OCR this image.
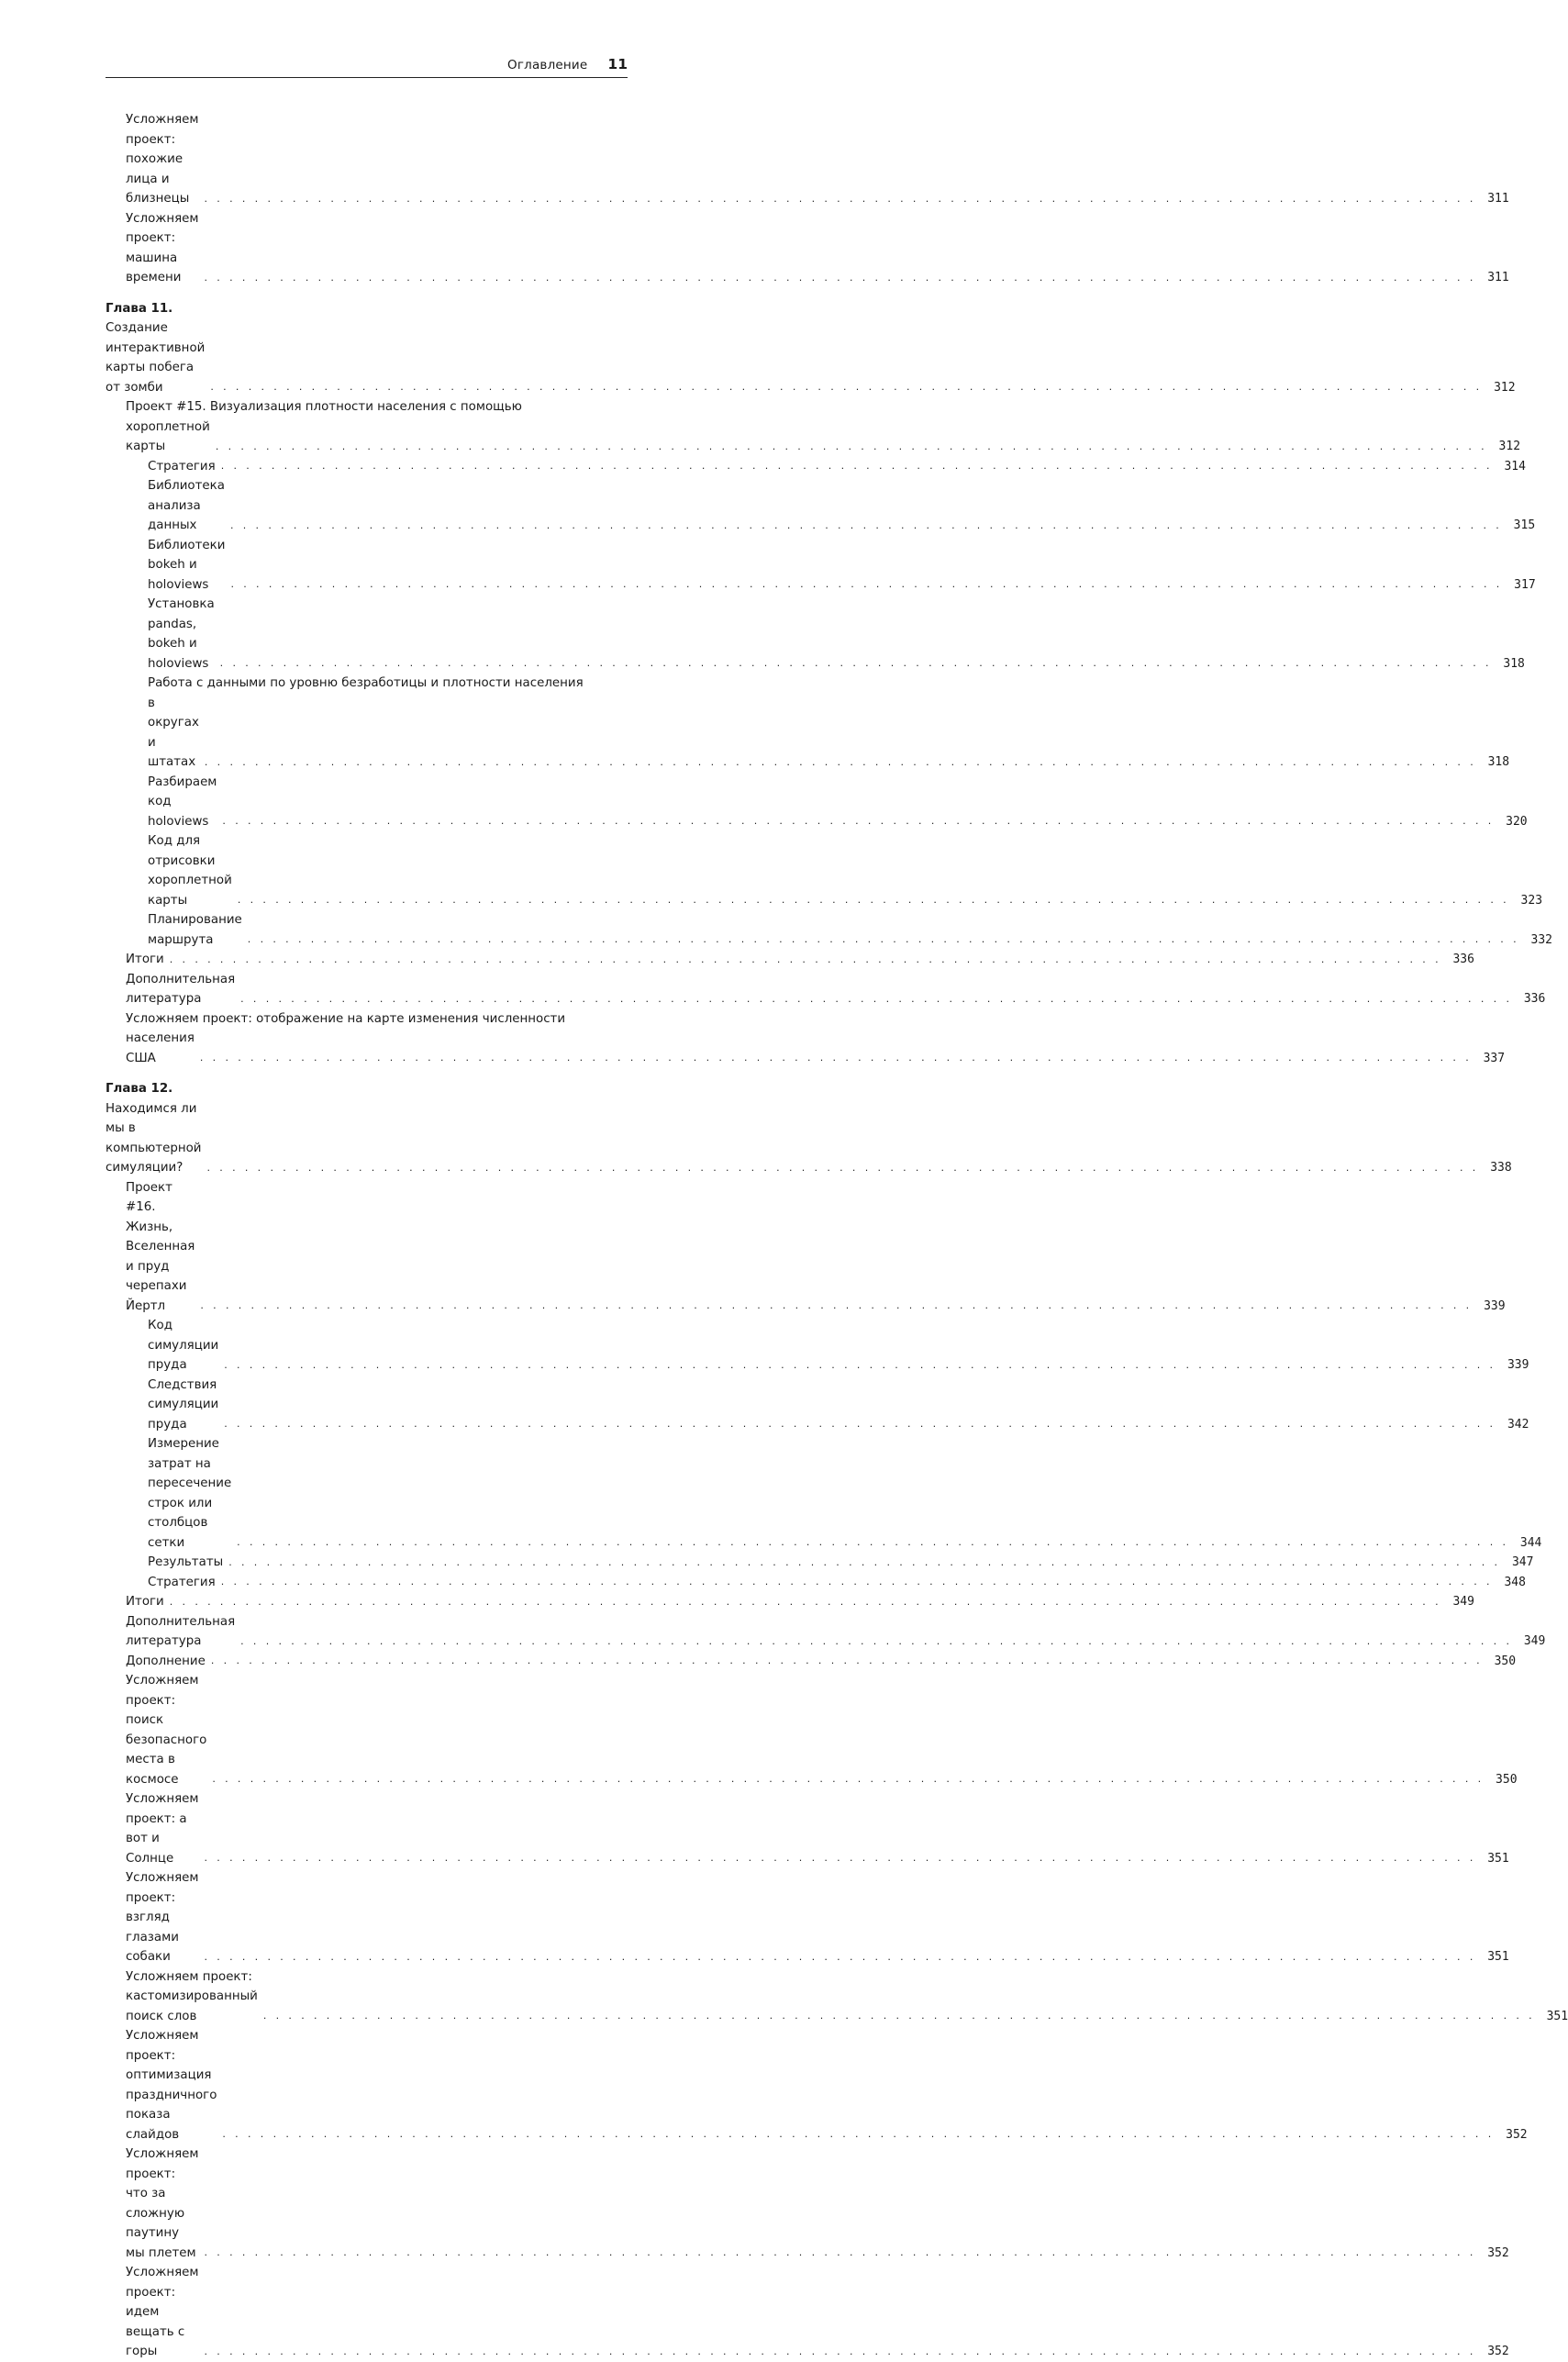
Оглавление 11
Усложняем проект: похожие лица и близнецы . . .	311
Усложняем проект: машина времени . . .	311
Глава 11. Создание интерактивной карты побега от зомби . . .	312
Проект #15. Визуализация плотности населения с помощью
хороплетной карты . . .	312
Стратегия . . .	314
Библиотека анализа данных . . .	315
Библиотеки bokeh и holoviews . . .	317
Установка pandas, bokeh и holoviews . . .	318
Работа с данными по уровню безработицы и плотности населения
в округах и штатах . . .	318
Разбираем код holoviews . . .	320
Код для отрисовки хороплетной карты . . .	323
Планирование маршрута . . .	332
Итоги . . .	336
Дополнительная литература . . .	336
Усложняем проект: отображение на карте изменения численности
населения США . . .	337
Глава 12. Находимся ли мы в компьютерной симуляции? . . .	338
Проект #16. Жизнь, Вселенная и пруд черепахи Йертл . . .	339
Код симуляции пруда . . .	339
Следствия симуляции пруда . . .	342
Измерение затрат на пересечение строк или столбцов сетки . . .	344
Результаты . . .	347
Стратегия . . .	348
Итоги . . .	349
Дополнительная литература . . .	349
Дополнение . . .	350
Усложняем проект: поиск безопасного места в космосе . . .	350
Усложняем проект: а вот и Солнце . . .	351
Усложняем проект: взгляд глазами собаки . . .	351
Усложняем проект: кастомизированный поиск слов . . .	351
Усложняем проект: оптимизация праздничного показа слайдов . . .	352
Усложняем проект: что за сложную паутину мы плетем . . .	352
Усложняем проект: идем вещать с горы . . .	352
